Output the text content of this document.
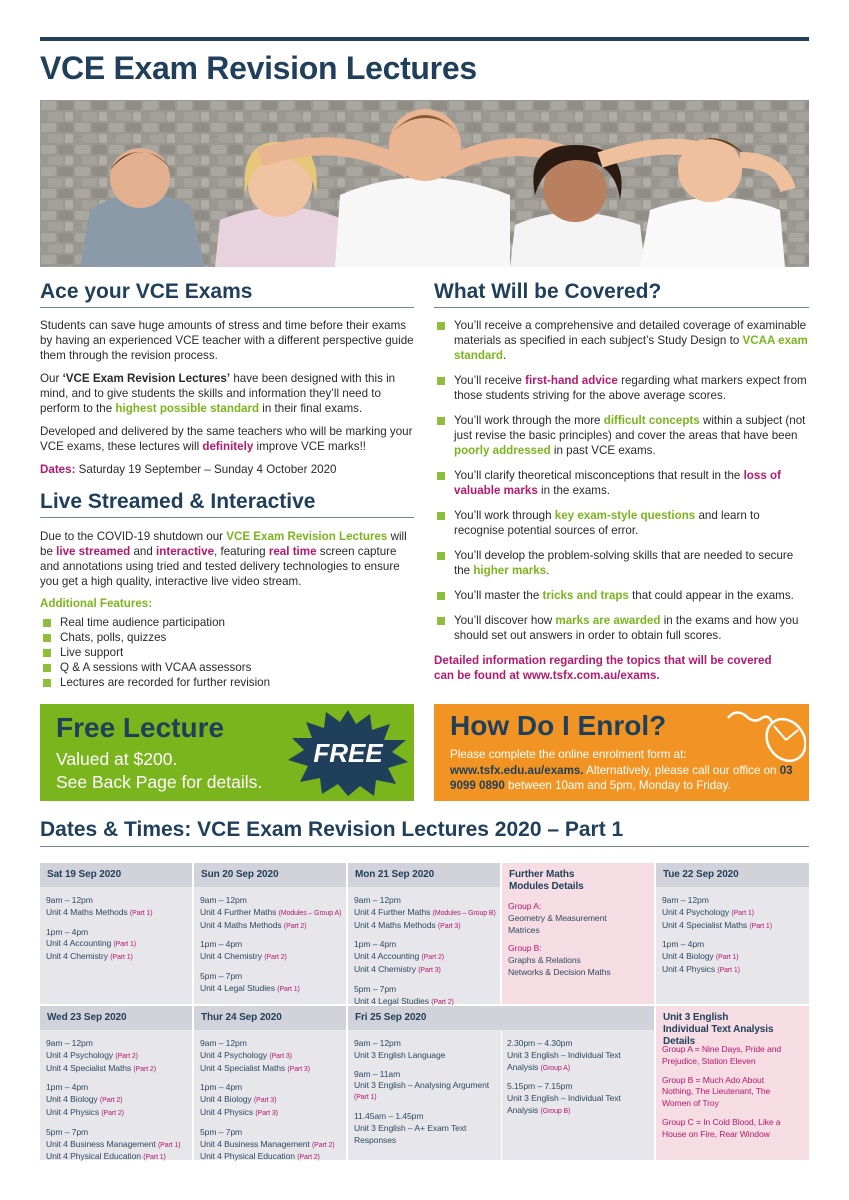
VCE Exam Revision Lectures
Ace your VCE Exams

Students can save huge amounts of stress and time before their exams by having an experienced VCE teacher with a different perspective guide them through the revision process.

Our ‘VCE Exam Revision Lectures’ have been designed with this in mind, and to give students the skills and information they’ll need to perform to the highest possible standard in their final exams.

Developed and delivered by the same teachers who will be marking your VCE exams, these lectures will definitely improve VCE marks!!

Dates: Saturday 19 September – Sunday 4 October 2020

Live Streamed & Interactive

Due to the COVID-19 shutdown our VCE Exam Revision Lectures will be live streamed and interactive, featuring real time screen capture and annotations using tried and tested delivery technologies to ensure you get a high quality, interactive live video stream.

Additional Features:
Real time audience participation
Chats, polls, quizzes
Live support
Q & A sessions with VCAA assessors
Lectures are recorded for further revision
What Will be Covered?
You’ll receive a comprehensive and detailed coverage of examinable materials as specified in each subject’s Study Design to VCAA exam standard.
You’ll receive first-hand advice regarding what markers expect from those students striving for the above average scores.
You’ll work through the more difficult concepts within a subject (not just revise the basic principles) and cover the areas that have been poorly addressed in past VCE exams.
You’ll clarify theoretical misconceptions that result in the loss of valuable marks in the exams.
You’ll work through key exam-style questions and learn to recognise potential sources of error.
You’ll develop the problem-solving skills that are needed to secure the higher marks.
You’ll master the tricks and traps that could appear in the exams.
You’ll discover how marks are awarded in the exams and how you should set out answers in order to obtain full scores.
Detailed information regarding the topics that will be covered
can be found at www.tsfx.com.au/exams.
Free Lecture
Valued at $200.
See Back Page for details.
FREE
How Do I Enrol?
Please complete the online enrolment form at:
www.tsfx.edu.au/exams. Alternatively, please call our office on 03 9099 0890 between 10am and 5pm, Monday to Friday.
Dates & Times: VCE Exam Revision Lectures 2020 – Part 1
Sat 19 Sep 2020
9am – 12pm
Unit 4 Maths Methods (Part 1)
1pm – 4pm
Unit 4 Accounting (Part 1)
Unit 4 Chemistry (Part 1)
Sun 20 Sep 2020
9am – 12pm
Unit 4 Further Maths (Modules – Group A)
Unit 4 Maths Methods (Part 2)
1pm – 4pm
Unit 4 Chemistry (Part 2)
5pm – 7pm
Unit 4 Legal Studies (Part 1)
Mon 21 Sep 2020
9am – 12pm
Unit 4 Further Maths (Modules – Group B)
Unit 4 Maths Methods (Part 3)
1pm – 4pm
Unit 4 Accounting (Part 2)
Unit 4 Chemistry (Part 3)
5pm – 7pm
Unit 4 Legal Studies (Part 2)
Further Maths
Modules Details
Group A:
Geometry & Measurement
Matrices
Group B:
Graphs & Relations
Networks & Decision Maths
Tue 22 Sep 2020
9am – 12pm
Unit 4 Psychology (Part 1)
Unit 4 Specialist Maths (Part 1)
1pm – 4pm
Unit 4 Biology (Part 1)
Unit 4 Physics (Part 1)
Wed 23 Sep 2020
9am – 12pm
Unit 4 Psychology (Part 2)
Unit 4 Specialist Maths (Part 2)
1pm – 4pm
Unit 4 Biology (Part 2)
Unit 4 Physics (Part 2)
5pm – 7pm
Unit 4 Business Management (Part 1)
Unit 4 Physical Education (Part 1)
Thur 24 Sep 2020
9am – 12pm
Unit 4 Psychology (Part 3)
Unit 4 Specialist Maths (Part 3)
1pm – 4pm
Unit 4 Biology (Part 3)
Unit 4 Physics (Part 3)
5pm – 7pm
Unit 4 Business Management (Part 2)
Unit 4 Physical Education (Part 2)
Fri 25 Sep 2020
9am – 12pm
Unit 3 English Language
9am – 11am
Unit 3 English – Analysing Argument
(Part 1)
11.45am – 1.45pm
Unit 3 English – A+ Exam Text
Responses
2.30pm – 4.30pm
Unit 3 English – Individual Text
Analysis (Group A)
5.15pm – 7.15pm
Unit 3 English – Individual Text
Analysis (Group B)
Unit 3 English
Individual Text Analysis Details
Group A = Nine Days, Pride and
Prejudice, Station Eleven
Group B = Much Ado About
Nothing, The Lieutenant, The
Women of Troy
Group C = In Cold Blood, Like a
House on Fire, Rear Window
